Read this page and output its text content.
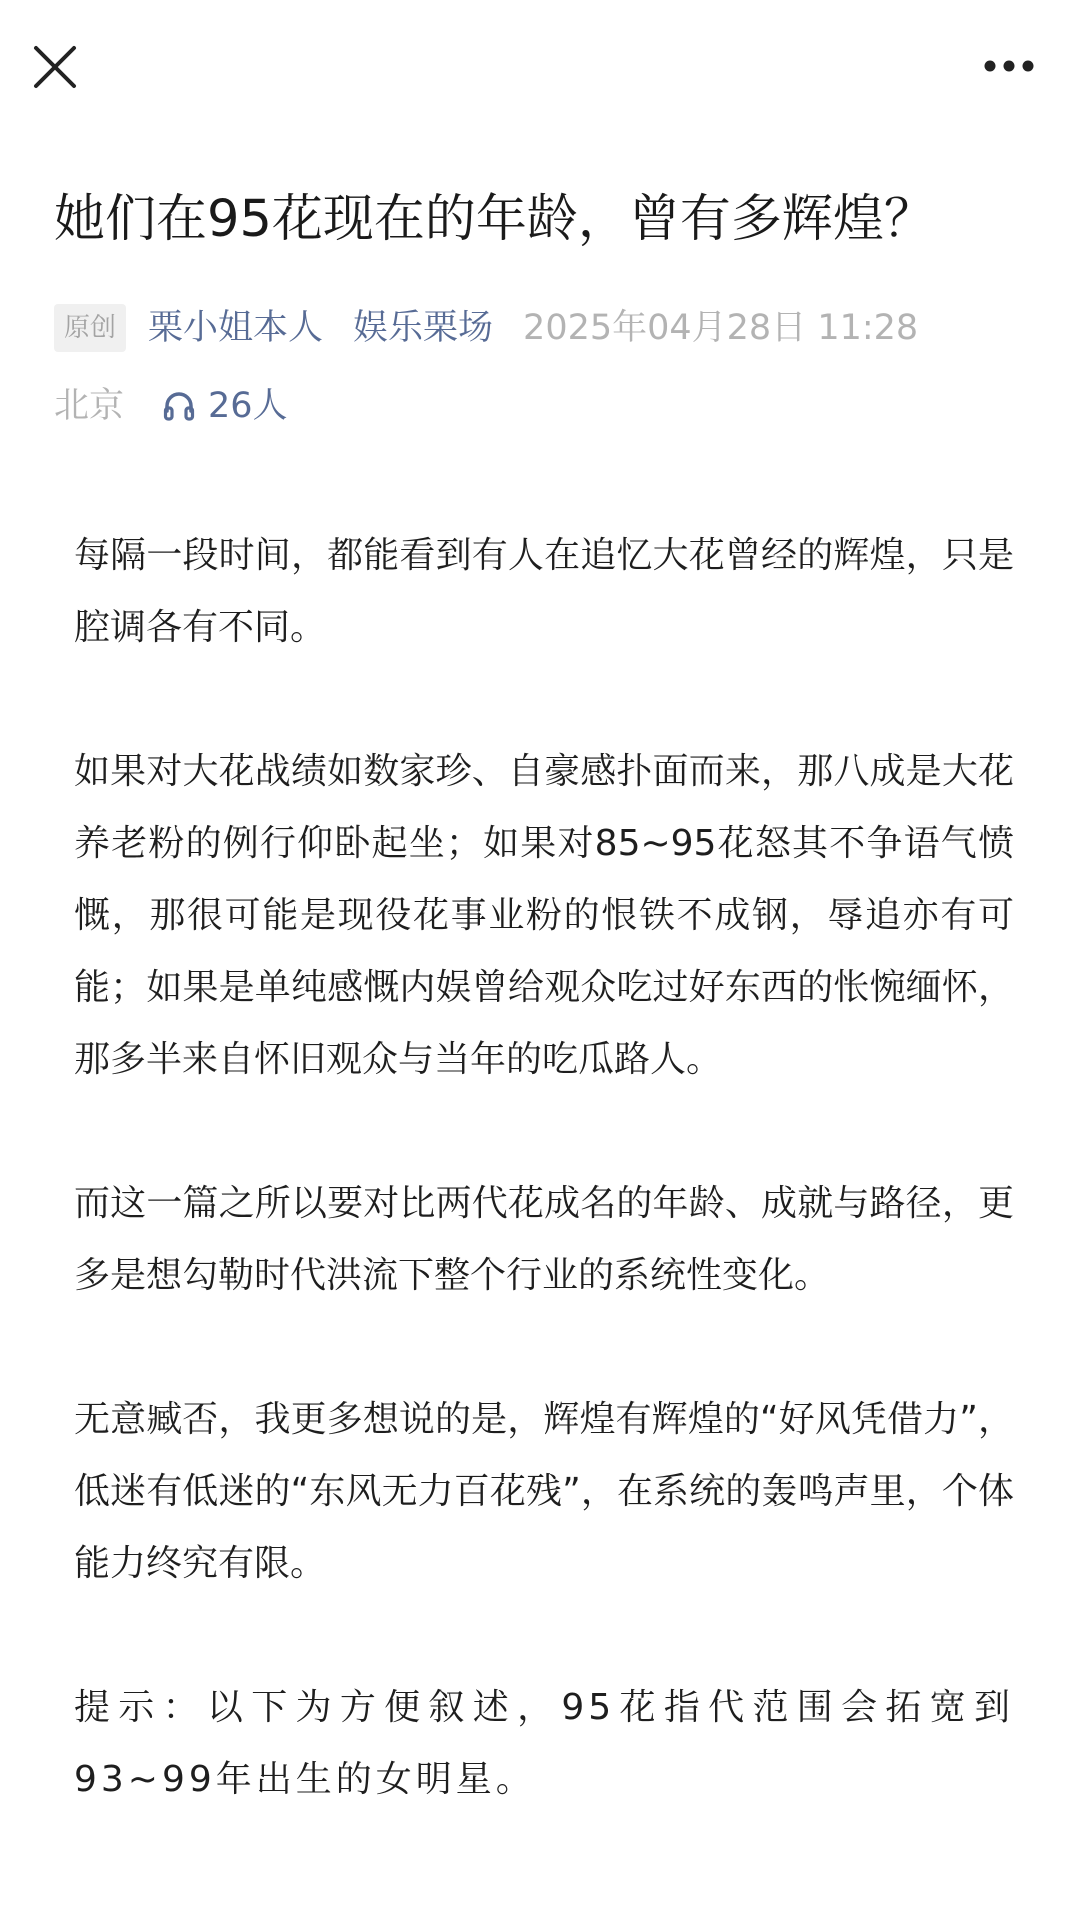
她们在95花现在的年龄，曾有多辉煌？
原创 栗小姐本人 娱乐栗场 2025年04月28日 11:28
北京 26人

每隔一段时间，都能看到有人在追忆大花曾经的辉煌，只是腔调各有不同。

如果对大花战绩如数家珍、自豪感扑面而来，那八成是大花养老粉的例行仰卧起坐；如果对85~95花怒其不争语气愤慨，那很可能是现役花事业粉的恨铁不成钢，辱追亦有可能；如果是单纯感慨内娱曾给观众吃过好东西的怅惋缅怀，那多半来自怀旧观众与当年的吃瓜路人。

而这一篇之所以要对比两代花成名的年龄、成就与路径，更多是想勾勒时代洪流下整个行业的系统性变化。

无意臧否，我更多想说的是，辉煌有辉煌的“好风凭借力”，低迷有低迷的“东风无力百花残”，在系统的轰鸣声里，个体能力终究有限。

提示：以下为方便叙述，95花指代范围会拓宽到93~99年出生的女明星。
